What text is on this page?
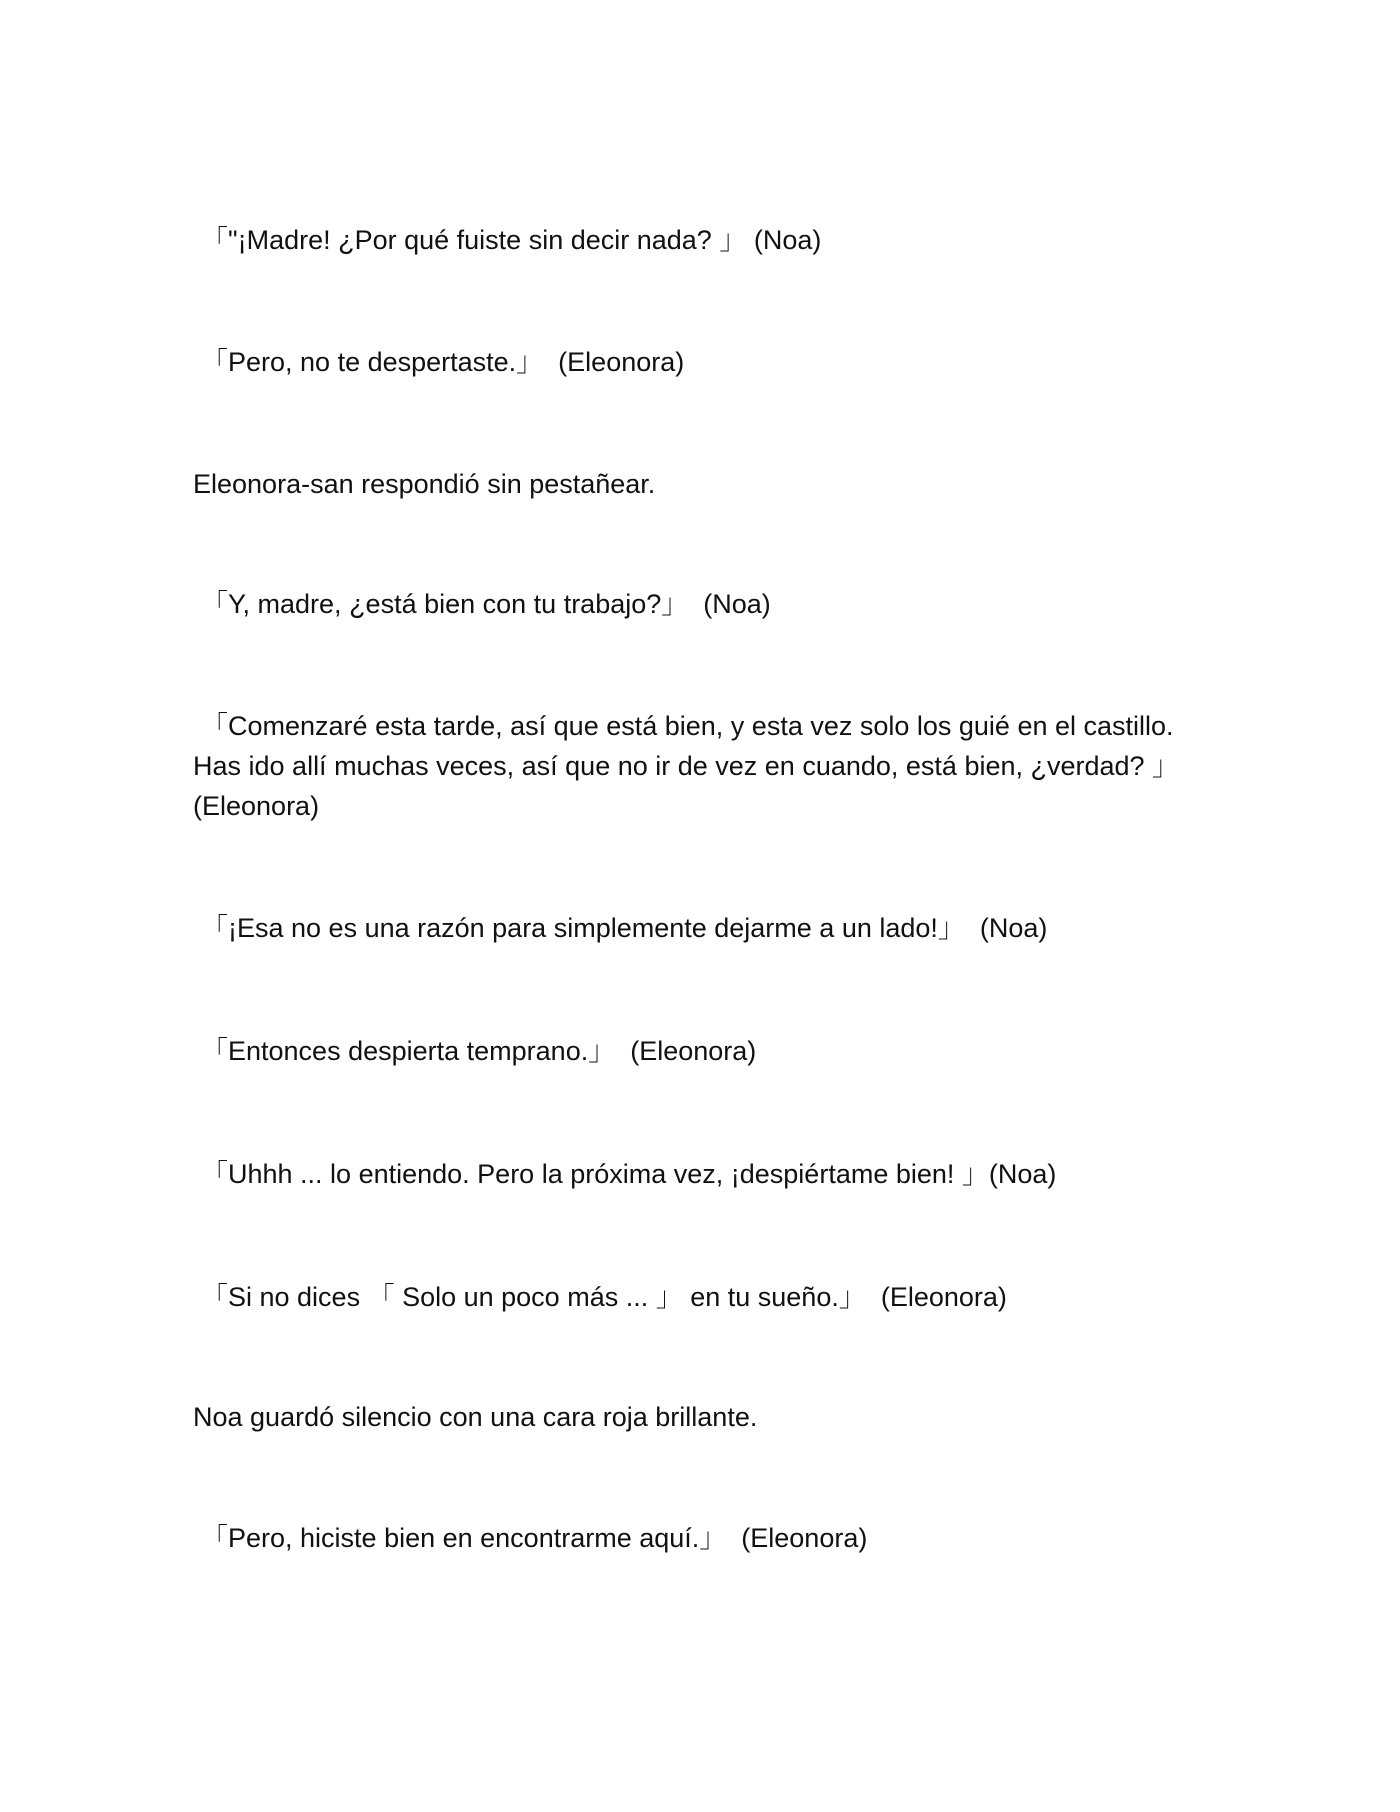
「"¡Madre! ¿Por qué fuiste sin decir nada? 」 (Noa)

「Pero, no te despertaste.」  (Eleonora)

Eleonora-san respondió sin pestañear.

「Y, madre, ¿está bien con tu trabajo?」  (Noa)

「Comenzaré esta tarde, así que está bien, y esta vez solo los guié en el castillo. Has ido allí muchas veces, así que no ir de vez en cuando, está bien, ¿verdad? 」 (Eleonora)

「¡Esa no es una razón para simplemente dejarme a un lado!」  (Noa)

「Entonces despierta temprano.」  (Eleonora)

「Uhhh ... lo entiendo. Pero la próxima vez, ¡despiértame bien! 」(Noa)

「Si no dices 「 Solo un poco más ... 」 en tu sueño.」  (Eleonora)

Noa guardó silencio con una cara roja brillante.

「Pero, hiciste bien en encontrarme aquí.」  (Eleonora)
